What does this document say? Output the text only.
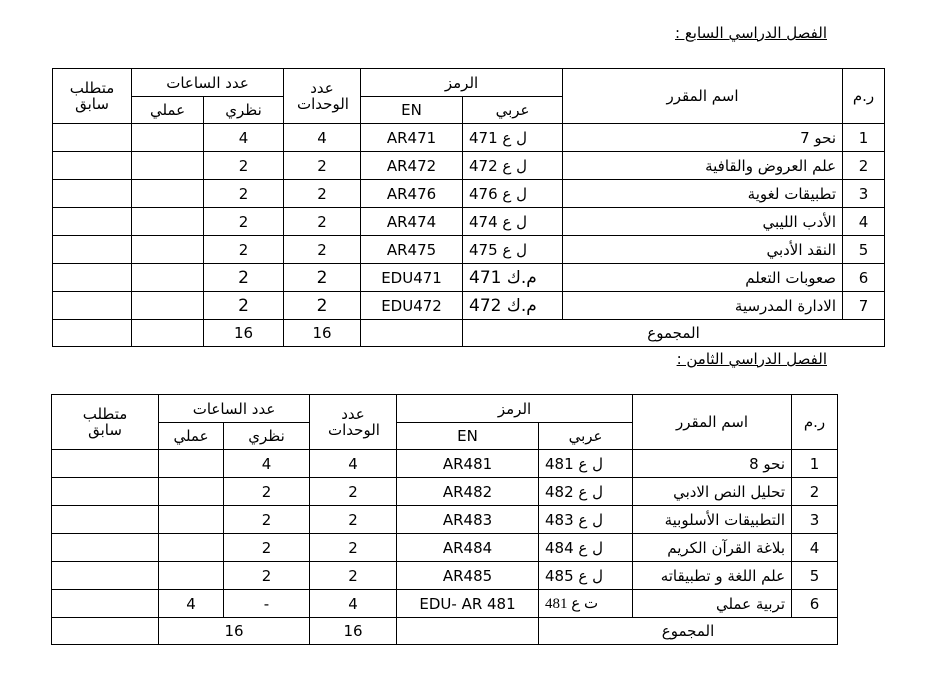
الفصل الدراسي السابع :
متطلب سابق	عدد الساعات		عدد الوحدات	الرمز		اسم المقرر	ر.م
	عملي	نظري		EN	عربي		
		4	4	AR471	ل ع 471	نحو 7	1
		2	2	AR472	ل ع 472	علم العروض والقافية	2
		2	2	AR476	ل ع 476	تطبيقات لغوية	3
		2	2	AR474	ل ع 474	الأدب الليبي	4
		2	2	AR475	ل ع 475	النقد الأدبي	5
		2	2	EDU471	م.ك 471	صعوبات التعلم	6
		2	2	EDU472	م.ك 472	الادارة المدرسية	7
		16	16		المجموع		
الفصل الدراسي الثامن :
متطلب سابق	عدد الساعات		عدد الوحدات	الرمز		اسم المقرر	ر.م
	عملي	نظري		EN	عربي		
		4	4	AR481	ل ع 481	نحو 8	1
		2	2	AR482	ل ع 482	تحليل النص الادبي	2
		2	2	AR483	ل ع 483	التطبيقات الأسلوبية	3
		2	2	AR484	ل ع 484	بلاغة القرآن الكريم	4
		2	2	AR485	ل ع 485	علم اللغة و تطبيقاته	5
	4	-	4	EDU- AR 481	ت ع 481	تربية عملي	6
	16		16		المجموع		
